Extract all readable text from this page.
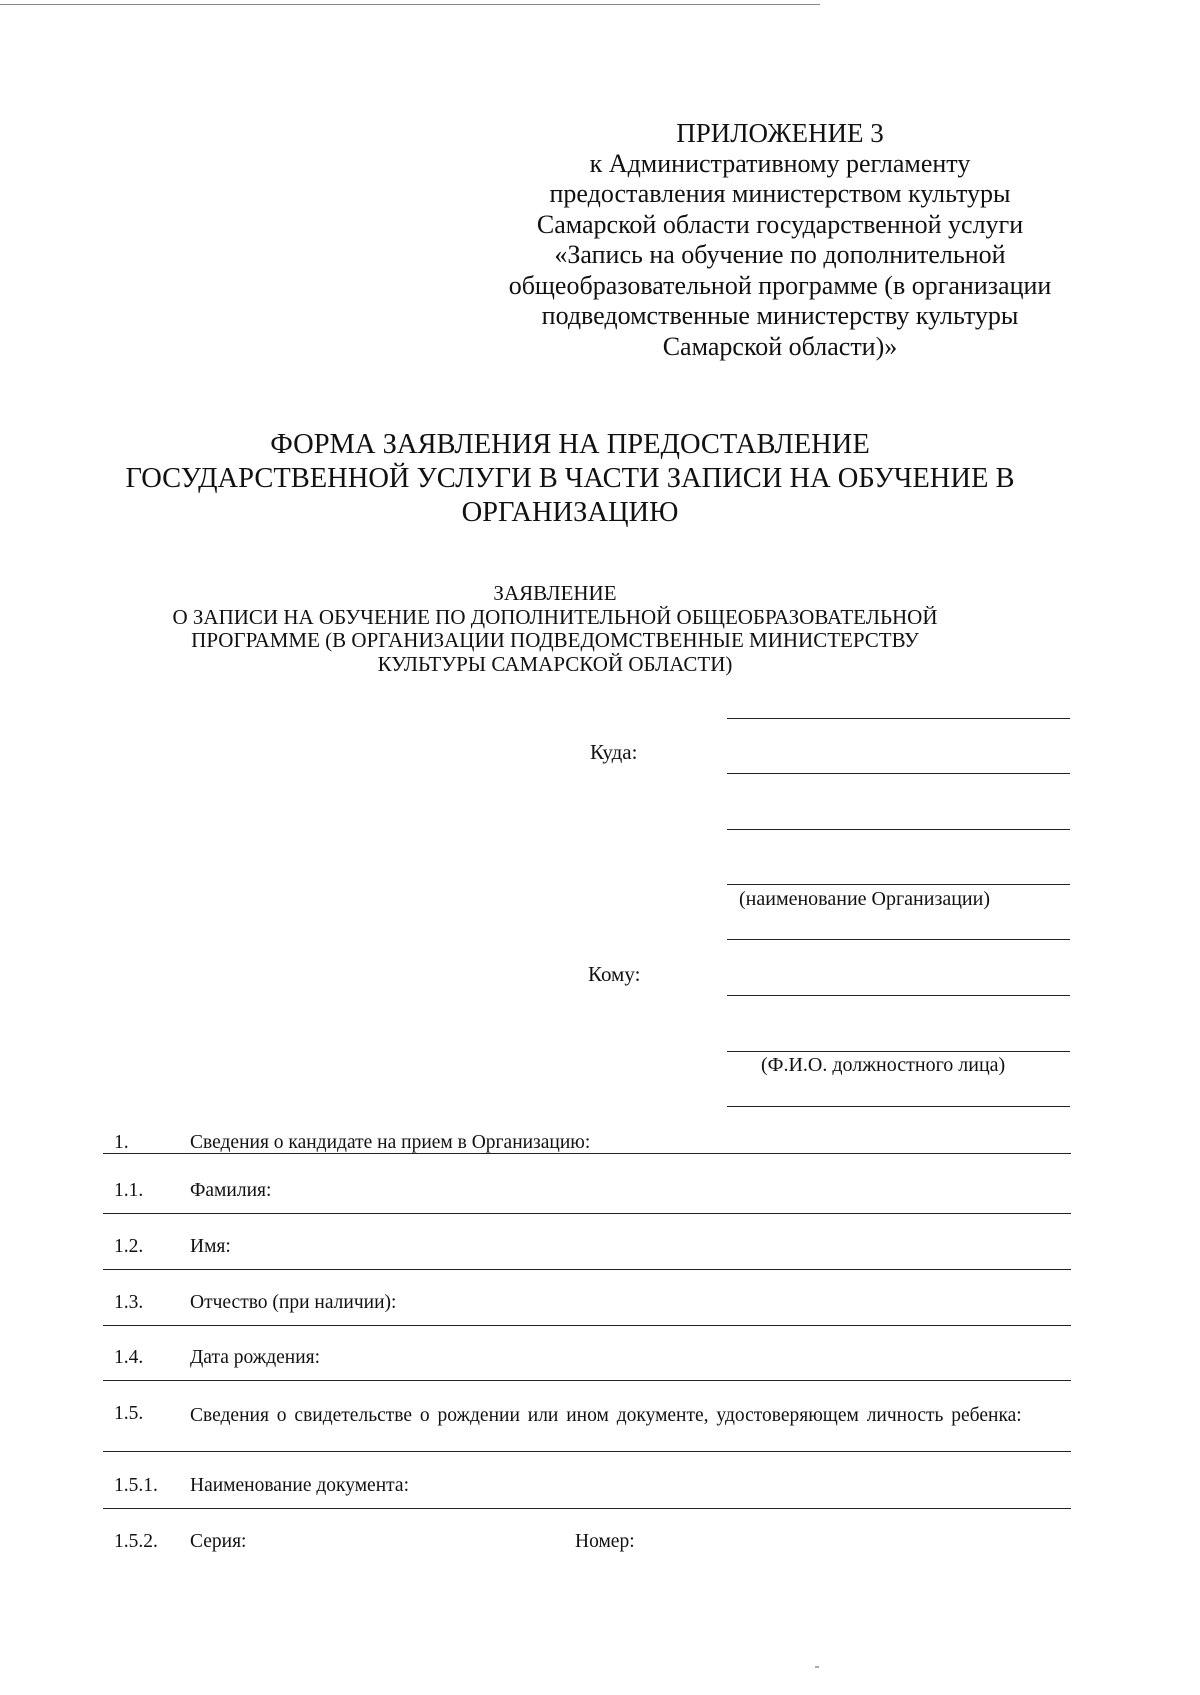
ПРИЛОЖЕНИЕ 3
к Административному регламенту
предоставления министерством культуры
Самарской области государственной услуги
«Запись на обучение по дополнительной
общеобразовательной программе (в организации
подведомственные министерству культуры
Самарской области)»
ФОРМА ЗАЯВЛЕНИЯ НА ПРЕДОСТАВЛЕНИЕ
ГОСУДАРСТВЕННОЙ УСЛУГИ В ЧАСТИ ЗАПИСИ НА ОБУЧЕНИЕ В
ОРГАНИЗАЦИЮ
ЗАЯВЛЕНИЕ
О ЗАПИСИ НА ОБУЧЕНИЕ ПО ДОПОЛНИТЕЛЬНОЙ ОБЩЕОБРАЗОВАТЕЛЬНОЙ
ПРОГРАММЕ (В ОРГАНИЗАЦИИ ПОДВЕДОМСТВЕННЫЕ МИНИСТЕРСТВУ
КУЛЬТУРЫ САМАРСКОЙ ОБЛАСТИ)
Куда:
(наименование Организации)
Кому:
(Ф.И.О. должностного лица)
1.	Сведения о кандидате на прием в Организацию:
1.1. Фамилия:
1.2. Имя:
1.3. Отчество (при наличии):
1.4. Дата рождения:
1.5. Сведения о свидетельстве о рождении или ином документе, удостоверяющем личность ребенка:
1.5.1. Наименование документа:
1.5.2. Серия:	Номер:
